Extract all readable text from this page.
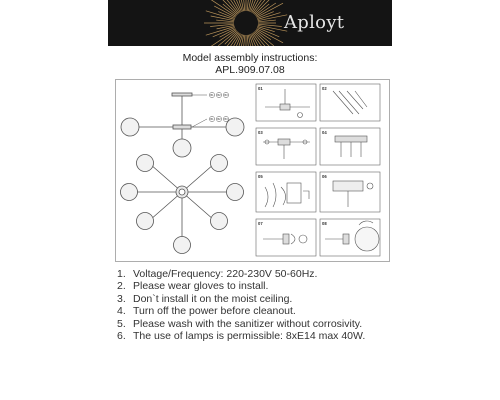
Aployt
Model assembly instructions:
APL.909.07.08
01	02
03	04
05	06
07	08
B1 B2 B3
B1 B2 B3
1. Voltage/Frequency: 220-230V 50-60Hz.
2. Please wear gloves to install.
3. Don`t install it on the moist ceiling.
4. Turn off the power before cleanout.
5. Please wash with the sanitizer without corrosivity.
6. The use of lamps is permissible: 8xE14 max 40W.
